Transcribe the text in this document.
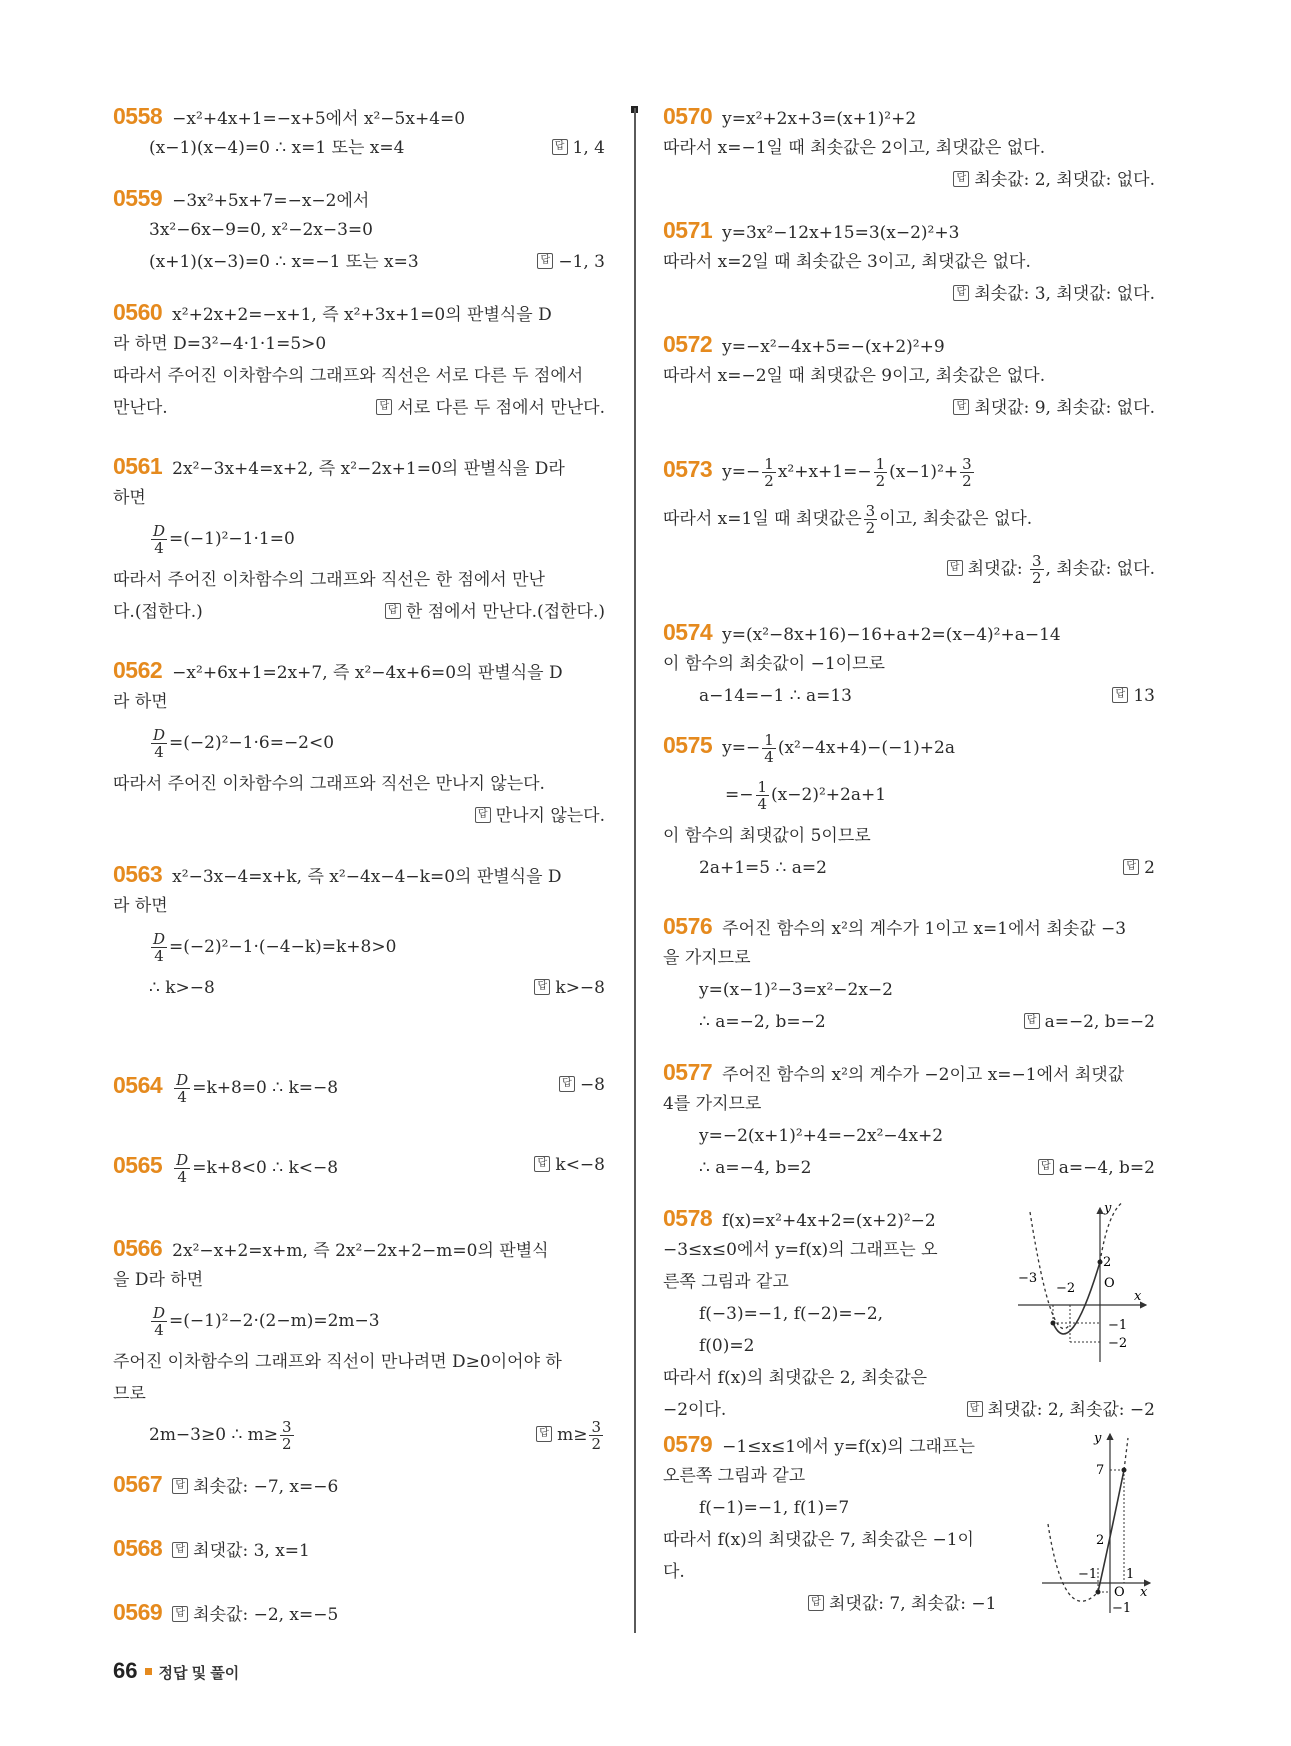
0558 −x²+4x+1=−x+5에서 x²−5x+4=0
(x−1)(x−4)=0 ∴ x=1 또는 x=4	답 1, 4
0559 −3x²+5x+7=−x−2에서
3x²−6x−9=0, x²−2x−3=0
(x+1)(x−3)=0 ∴ x=−1 또는 x=3	답 −1, 3
0560 x²+2x+2=−x+1, 즉 x²+3x+1=0의 판별식을 D
라 하면 D=3²−4·1·1=5>0
따라서 주어진 이차함수의 그래프와 직선은 서로 다른 두 점에서
만난다.	답 서로 다른 두 점에서 만난다.
0561 2x²−3x+4=x+2, 즉 x²−2x+1=0의 판별식을 D라
하면
$\frac{D}{4} =(-1)^2-1\cdot 1=0$
따라서 주어진 이차함수의 그래프와 직선은 한 점에서 만난
다.(접한다.)	답 한 점에서 만난다.(접한다.)
0562 −x²+6x+1=2x+7, 즉 x²−4x+6=0의 판별식을 D
라 하면
$\frac{D}{4} =(-2)^2-1\cdot 6=-2<0$
따라서 주어진 이차함수의 그래프와 직선은 만나지 않는다.
답 만나지 않는다.
0563 x²−3x−4=x+k, 즉 x²−4x−4−k=0의 판별식을 D
라 하면
$\frac{D}{4} =(-2)^2-1\cdot(-4-k)=k+8>0$
∴ k>−8	답 k>−8
$0564 \frac{D}{4} =k+8=0$ ∴ k=−8	답 −8
$0565 \frac{D}{4} =k+8<0$ ∴ k<−8	답 k<−8
0566 2x²−x+2=x+m, 즉 2x²−2x+2−m=0의 판별식
을 D라 하면
$\frac{D}{4} =(-1)^2-2\cdot(2-m)=2m-3$
주어진 이차함수의 그래프와 직선이 만나려면 D≥0이어야 하
므로
2m−3≥0 ∴ $m\ge \frac{3}{2}$	답 $m\ge \frac{3}{2}$
0567 답 최솟값: −7, x=−6
0568 답 최댓값: 3, x=1
0569 답 최솟값: −2, x=−5
0570 y=x²+2x+3=(x+1)²+2
따라서 x=−1일 때 최솟값은 2이고, 최댓값은 없다.
답 최솟값: 2, 최댓값: 없다.
0571 y=3x²−12x+15=3(x−2)²+3
따라서 x=2일 때 최솟값은 3이고, 최댓값은 없다.
답 최솟값: 3, 최댓값: 없다.
0572 y=−x²−4x+5=−(x+2)²+9
따라서 x=−2일 때 최댓값은 9이고, 최솟값은 없다.
답 최댓값: 9, 최솟값: 없다.
0573 $y=- \frac{1}{2} x^2+x+1=- \frac{1}{2} (x-1)^2+ \frac{3}{2}$
따라서 x=1일 때 최댓값은 $\frac{3}{2}$ 이고, 최솟값은 없다.
답 최댓값: $\frac{3}{2}$ , 최솟값: 없다.
0574 y=(x²−8x+16)−16+a+2=(x−4)²+a−14
이 함수의 최솟값이 −1이므로
a−14=−1 ∴ a=13	답 13
0575 $y=- \frac{1}{4} (x^2-4x+4)-(-1)+2a$
=− $\frac{1}{4} (x-2)^2+2a+1$
이 함수의 최댓값이 5이므로
2a+1=5 ∴ a=2	답 2
0576 주어진 함수의 x²의 계수가 1이고 x=1에서 최솟값 −3
을 가지므로
y=(x−1)²−3=x²−2x−2
∴ a=−2, b=−2	답 a=−2, b=−2
0577 주어진 함수의 x²의 계수가 −2이고 x=−1에서 최댓값
4를 가지므로
y=−2(x+1)²+4=−2x²−4x+2
∴ a=−4, b=2	답 a=−4, b=2
0578 f(x)=x²+4x+2=(x+2)²−2
−3≤x≤0에서 y=f(x)의 그래프는 오
른쪽 그림과 같고
f(−3)=−1, f(−2)=−2,
f(0)=2
따라서 f(x)의 최댓값은 2, 최솟값은
−2이다.	답 최댓값: 2, 최솟값: −2
y
x
O
−3
−2
2
−1
−2
0579 −1≤x≤1에서 y=f(x)의 그래프는
오른쪽 그림과 같고
f(−1)=−1, f(1)=7
따라서 f(x)의 최댓값은 7, 최솟값은 −1이
다.
답 최댓값: 7, 최솟값: −1
y
x
O
7
2
−1 1
−1
66 정답 및 풀이
